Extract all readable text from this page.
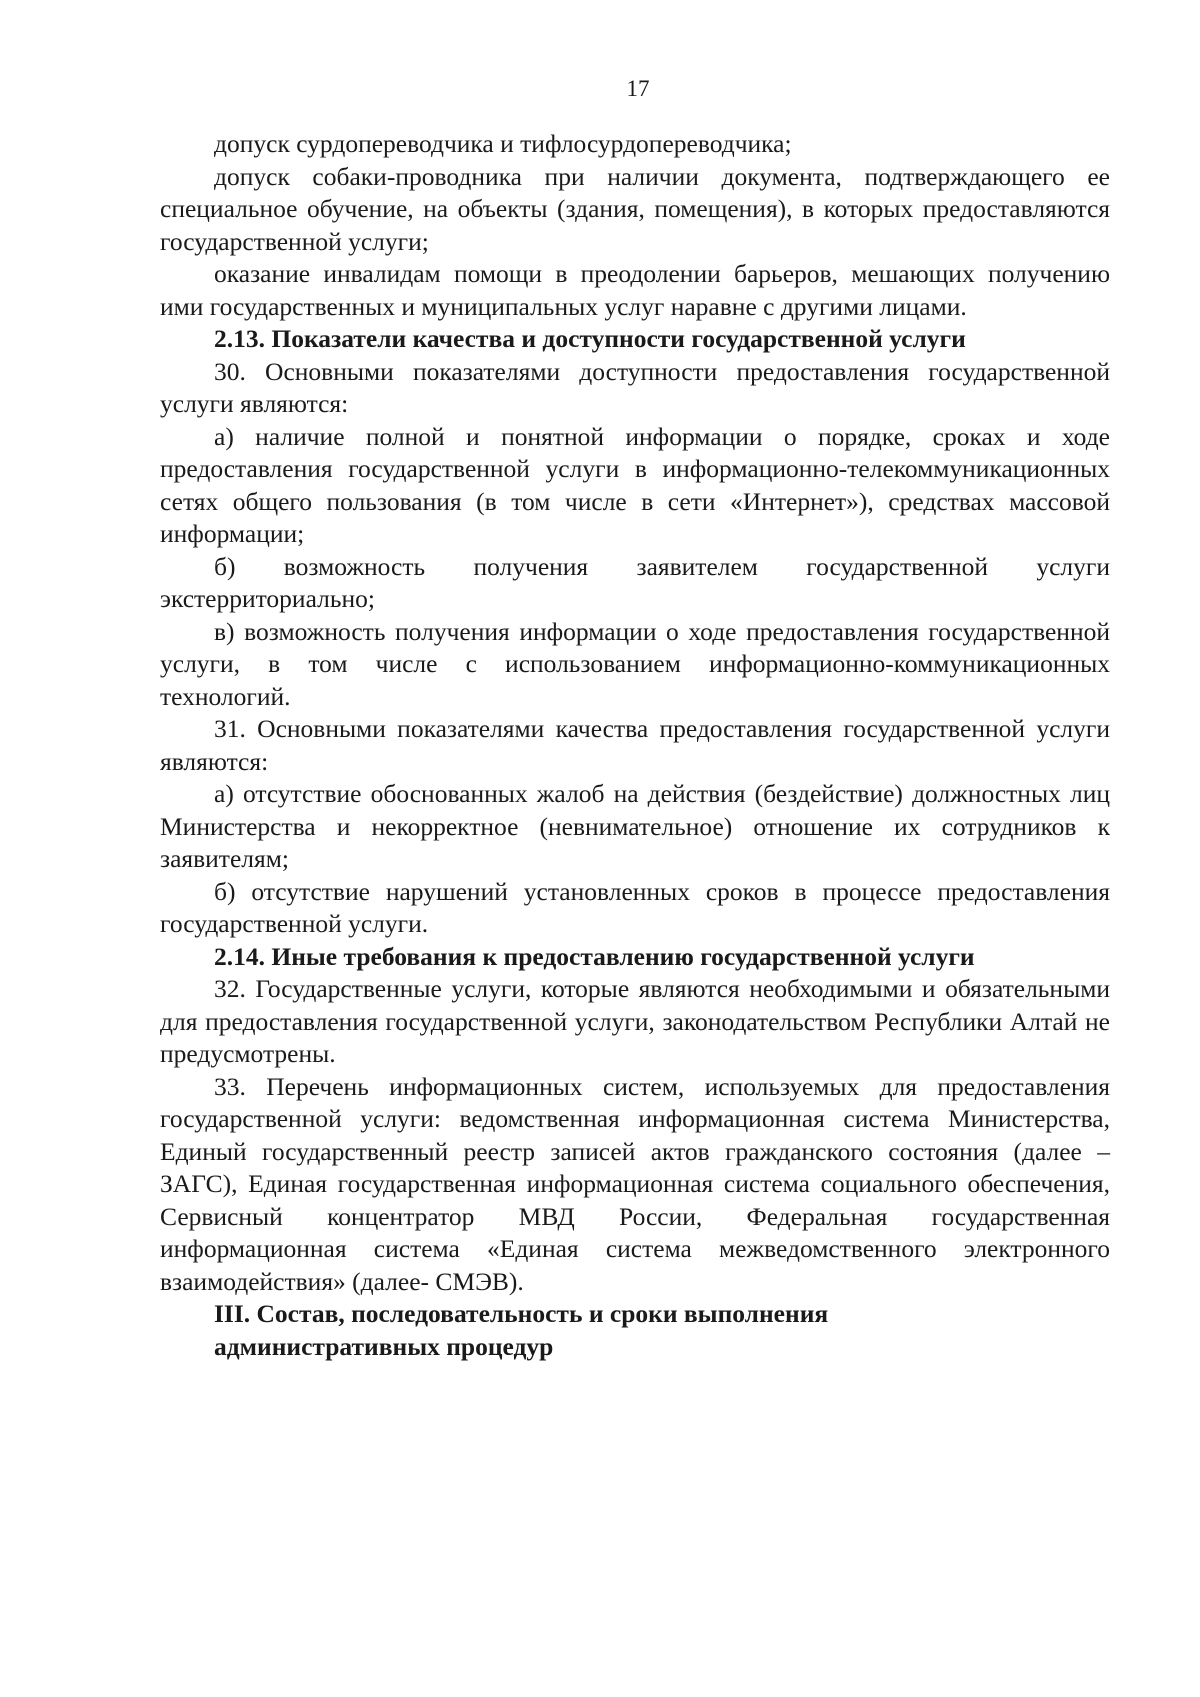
17

допуск сурдопереводчика и тифлосурдопереводчика;

допуск собаки-проводника при наличии документа, подтверждающего ее специальное обучение, на объекты (здания, помещения), в которых предоставляются государственной услуги;

оказание инвалидам помощи в преодолении барьеров, мешающих получению ими государственных и муниципальных услуг наравне с другими лицами.

2.13. Показатели качества и доступности государственной услуги

30. Основными показателями доступности предоставления государственной услуги являются:

а) наличие полной и понятной информации о порядке, сроках и ходе предоставления государственной услуги в информационно-телекоммуникационных сетях общего пользования (в том числе в сети «Интернет»), средствах массовой информации;

б) возможность получения заявителем государственной услуги экстерриториально;

в) возможность получения информации о ходе предоставления государственной услуги, в том числе с использованием информационно-коммуникационных технологий.

31. Основными показателями качества предоставления государственной услуги являются:

а) отсутствие обоснованных жалоб на действия (бездействие) должностных лиц Министерства и некорректное (невнимательное) отношение их сотрудников к заявителям;

б) отсутствие нарушений установленных сроков в процессе предоставления государственной услуги.

2.14. Иные требования к предоставлению государственной услуги

32. Государственные услуги, которые являются необходимыми и обязательными для предоставления государственной услуги, законодательством Республики Алтай не предусмотрены.

33. Перечень информационных систем, используемых для предоставления государственной услуги: ведомственная информационная система Министерства, Единый государственный реестр записей актов гражданского состояния (далее – ЗАГС), Единая государственная информационная система социального обеспечения, Сервисный концентратор МВД России, Федеральная государственная информационная система «Единая система межведомственного электронного взаимодействия» (далее- СМЭВ).

III. Состав, последовательность и сроки выполнения

административных процедур
